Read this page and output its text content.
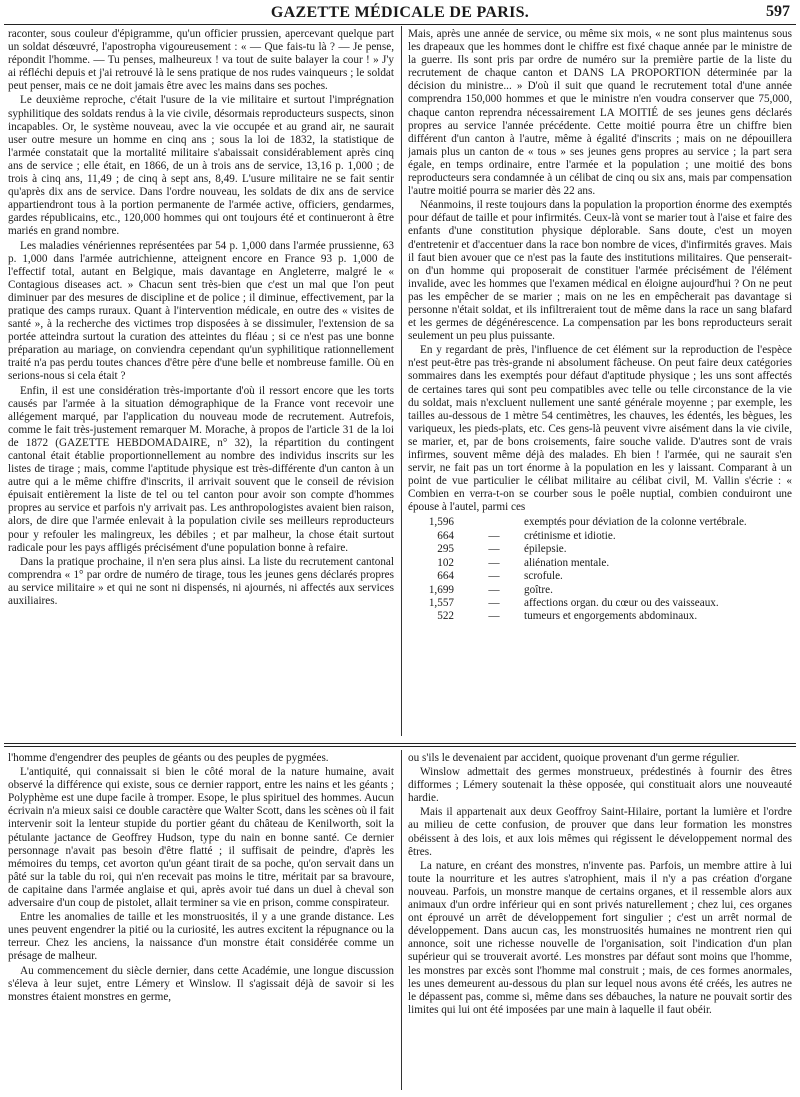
GAZETTE MÉDICALE DE PARIS.	597

raconter, sous couleur d'épigramme, qu'un officier prussien, apercevant quelque part un soldat désœuvré, l'apostropha vigoureusement : « — Que fais-tu là ? — Je pense, répondit l'homme. — Tu penses, malheureux ! va tout de suite balayer la cour ! » J'y ai réfléchi depuis et j'ai retrouvé là le sens pratique de nos rudes vainqueurs ; le soldat peut penser, mais ce ne doit jamais être avec les mains dans ses poches.

Le deuxième reproche, c'était l'usure de la vie militaire et surtout l'imprégnation syphilitique des soldats rendus à la vie civile, désormais reproducteurs suspects, sinon incapables. Or, le système nouveau, avec la vie occupée et au grand air, ne saurait user outre mesure un homme en cinq ans ; sous la loi de 1832, la statistique de l'armée constatait que la mortalité militaire s'abaissait considérablement après cinq ans de service ; elle était, en 1866, de un à trois ans de service, 13,16 p. 1,000 ; de trois à cinq ans, 11,49 ; de cinq à sept ans, 8,49. L'usure militaire ne se fait sentir qu'après dix ans de service. Dans l'ordre nouveau, les soldats de dix ans de service appartiendront tous à la portion permanente de l'armée active, officiers, gendarmes, gardes républicains, etc., 120,000 hommes qui ont toujours été et continueront à être mariés en grand nombre.

Les maladies vénériennes représentées par 54 p. 1,000 dans l'armée prussienne, 63 p. 1,000 dans l'armée autrichienne, atteignent encore en France 93 p. 1,000 de l'effectif total, autant en Belgique, mais davantage en Angleterre, malgré le « Contagious diseases act. » Chacun sent très-bien que c'est un mal que l'on peut diminuer par des mesures de discipline et de police ; il diminue, effectivement, par la pratique des camps ruraux. Quant à l'intervention médicale, en outre des « visites de santé », à la recherche des victimes trop disposées à se dissimuler, l'extension de sa portée atteindra surtout la curation des atteintes du fléau ; si ce n'est pas une bonne préparation au mariage, on conviendra cependant qu'un syphilitique rationnellement traité n'a pas perdu toutes chances d'être père d'une belle et nombreuse famille. Où en serions-nous si cela était ?

Enfin, il est une considération très-importante d'où il ressort encore que les torts causés par l'armée à la situation démographique de la France vont recevoir une allégement marqué, par l'application du nouveau mode de recrutement. Autrefois, comme le fait très-justement remarquer M. Morache, à propos de l'article 31 de la loi de 1872 (GAZETTE HEBDOMADAIRE, n° 32), la répartition du contingent cantonal était établie proportionnellement au nombre des individus inscrits sur les listes de tirage ; mais, comme l'aptitude physique est très-différente d'un canton à un autre qui a le même chiffre d'inscrits, il arrivait souvent que le conseil de révision épuisait entièrement la liste de tel ou tel canton pour avoir son compte d'hommes propres au service et parfois n'y arrivait pas. Les anthropologistes avaient bien raison, alors, de dire que l'armée enlevait à la population civile ses meilleurs reproducteurs pour y refouler les malingreux, les débiles ; et par malheur, la chose était surtout radicale pour les pays affligés précisément d'une population bonne à refaire.

Dans la pratique prochaine, il n'en sera plus ainsi. La liste du recrutement cantonal comprendra « 1° par ordre de numéro de tirage, tous les jeunes gens déclarés propres au service militaire » et qui ne sont ni dispensés, ni ajournés, ni affectés aux services auxiliaires.

Mais, après une année de service, ou même six mois, « ne sont plus maintenus sous les drapeaux que les hommes dont le chiffre est fixé chaque année par le ministre de la guerre. Ils sont pris par ordre de numéro sur la première partie de la liste du recrutement de chaque canton et DANS LA PROPORTION déterminée par la décision du ministre... » D'où il suit que quand le recrutement total d'une année comprendra 150,000 hommes et que le ministre n'en voudra conserver que 75,000, chaque canton reprendra nécessairement LA MOITIÉ de ses jeunes gens déclarés propres au service l'année précédente. Cette moitié pourra être un chiffre bien différent d'un canton à l'autre, même à égalité d'inscrits ; mais on ne dépouillera jamais plus un canton de « tous » ses jeunes gens propres au service ; la part sera égale, en temps ordinaire, entre l'armée et la population ; une moitié des bons reproducteurs sera condamnée à un célibat de cinq ou six ans, mais par compensation l'autre moitié pourra se marier dès 22 ans.

Néanmoins, il reste toujours dans la population la proportion énorme des exemptés pour défaut de taille et pour infirmités. Ceux-là vont se marier tout à l'aise et faire des enfants d'une constitution physique déplorable. Sans doute, c'est un moyen d'entretenir et d'accentuer dans la race bon nombre de vices, d'infirmités graves. Mais il faut bien avouer que ce n'est pas la faute des institutions militaires. Que penserait-on d'un homme qui proposerait de constituer l'armée précisément de l'élément invalide, avec les hommes que l'examen médical en éloigne aujourd'hui ? On ne peut pas les empêcher de se marier ; mais on ne les en empêcherait pas davantage si personne n'était soldat, et ils infiltreraient tout de même dans la race un sang blafard et les germes de dégénérescence. La compensation par les bons reproducteurs serait seulement un peu plus puissante.

En y regardant de près, l'influence de cet élément sur la reproduction de l'espèce n'est peut-être pas très-grande ni absolument fâcheuse. On peut faire deux catégories sommaires dans les exemptés pour défaut d'aptitude physique ; les uns sont affectés de certaines tares qui sont peu compatibles avec telle ou telle circonstance de la vie du soldat, mais n'excluent nullement une santé générale moyenne ; par exemple, les tailles au-dessous de 1 mètre 54 centimètres, les chauves, les édentés, les bègues, les variqueux, les pieds-plats, etc. Ces gens-là peuvent vivre aisément dans la vie civile, se marier, et, par de bons croisements, faire souche valide. D'autres sont de vrais infirmes, souvent même déjà des malades. Eh bien ! l'armée, qui ne saurait s'en servir, ne fait pas un tort énorme à la population en les y laissant. Comparant à un point de vue particulier le célibat militaire au célibat civil, M. Vallin s'écrie : « Combien en verra-t-on se courber sous le poêle nuptial, combien conduiront une épouse à l'autel, parmi ces

1,596	exemptés pour déviation de la colonne vertébrale.
664	—	crétinisme et idiotie.
295	—	épilepsie.
102	—	aliénation mentale.
664	—	scrofule.
1,699	—	goître.
1,557	—	affections organ. du cœur ou des vaisseaux.
522	—	tumeurs et engorgements abdominaux.

l'homme d'engendrer des peuples de géants ou des peuples de pygmées.

L'antiquité, qui connaissait si bien le côté moral de la nature humaine, avait observé la différence qui existe, sous ce dernier rapport, entre les nains et les géants ; Polyphème est une dupe facile à tromper. Esope, le plus spirituel des hommes. Aucun écrivain n'a mieux saisi ce double caractère que Walter Scott, dans les scènes où il fait intervenir soit la lenteur stupide du portier géant du château de Kenilworth, soit la pétulante jactance de Geoffrey Hudson, type du nain en bonne santé. Ce dernier personnage n'avait pas besoin d'être flatté ; il suffisait de peindre, d'après les mémoires du temps, cet avorton qu'un géant tirait de sa poche, qu'on servait dans un pâté sur la table du roi, qui n'en recevait pas moins le titre, méritait par sa bravoure, de capitaine dans l'armée anglaise et qui, après avoir tué dans un duel à cheval son adversaire d'un coup de pistolet, allait terminer sa vie en prison, comme conspirateur.

Entre les anomalies de taille et les monstruosités, il y a une grande distance. Les unes peuvent engendrer la pitié ou la curiosité, les autres excitent la répugnance ou la terreur. Chez les anciens, la naissance d'un monstre était considérée comme un présage de malheur.

Au commencement du siècle dernier, dans cette Académie, une longue discussion s'éleva à leur sujet, entre Lémery et Winslow. Il s'agissait déjà de savoir si les monstres étaient monstres en germe,

ou s'ils le devenaient par accident, quoique provenant d'un germe régulier.

Winslow admettait des germes monstrueux, prédestinés à fournir des êtres difformes ; Lémery soutenait la thèse opposée, qui constituait alors une nouveauté hardie.

Mais il appartenait aux deux Geoffroy Saint-Hilaire, portant la lumière et l'ordre au milieu de cette confusion, de prouver que dans leur formation les monstres obéissent à des lois, et aux lois mêmes qui régissent le développement normal des êtres.

La nature, en créant des monstres, n'invente pas. Parfois, un membre attire à lui toute la nourriture et les autres s'atrophient, mais il n'y a pas création d'organe nouveau. Parfois, un monstre manque de certains organes, et il ressemble alors aux animaux d'un ordre inférieur qui en sont privés naturellement ; chez lui, ces organes ont éprouvé un arrêt de développement fort singulier ; c'est un arrêt normal de développement. Dans aucun cas, les monstruosités humaines ne montrent rien qui annonce, soit une richesse nouvelle de l'organisation, soit l'indication d'un plan supérieur qui se trouverait avorté. Les monstres par défaut sont moins que l'homme, les monstres par excès sont l'homme mal construit ; mais, de ces formes anormales, les unes demeurent au-dessous du plan sur lequel nous avons été créés, les autres ne le dépassent pas, comme si, même dans ses débauches, la nature ne pouvait sortir des limites qui lui ont été imposées par une main à laquelle il faut obéir.
